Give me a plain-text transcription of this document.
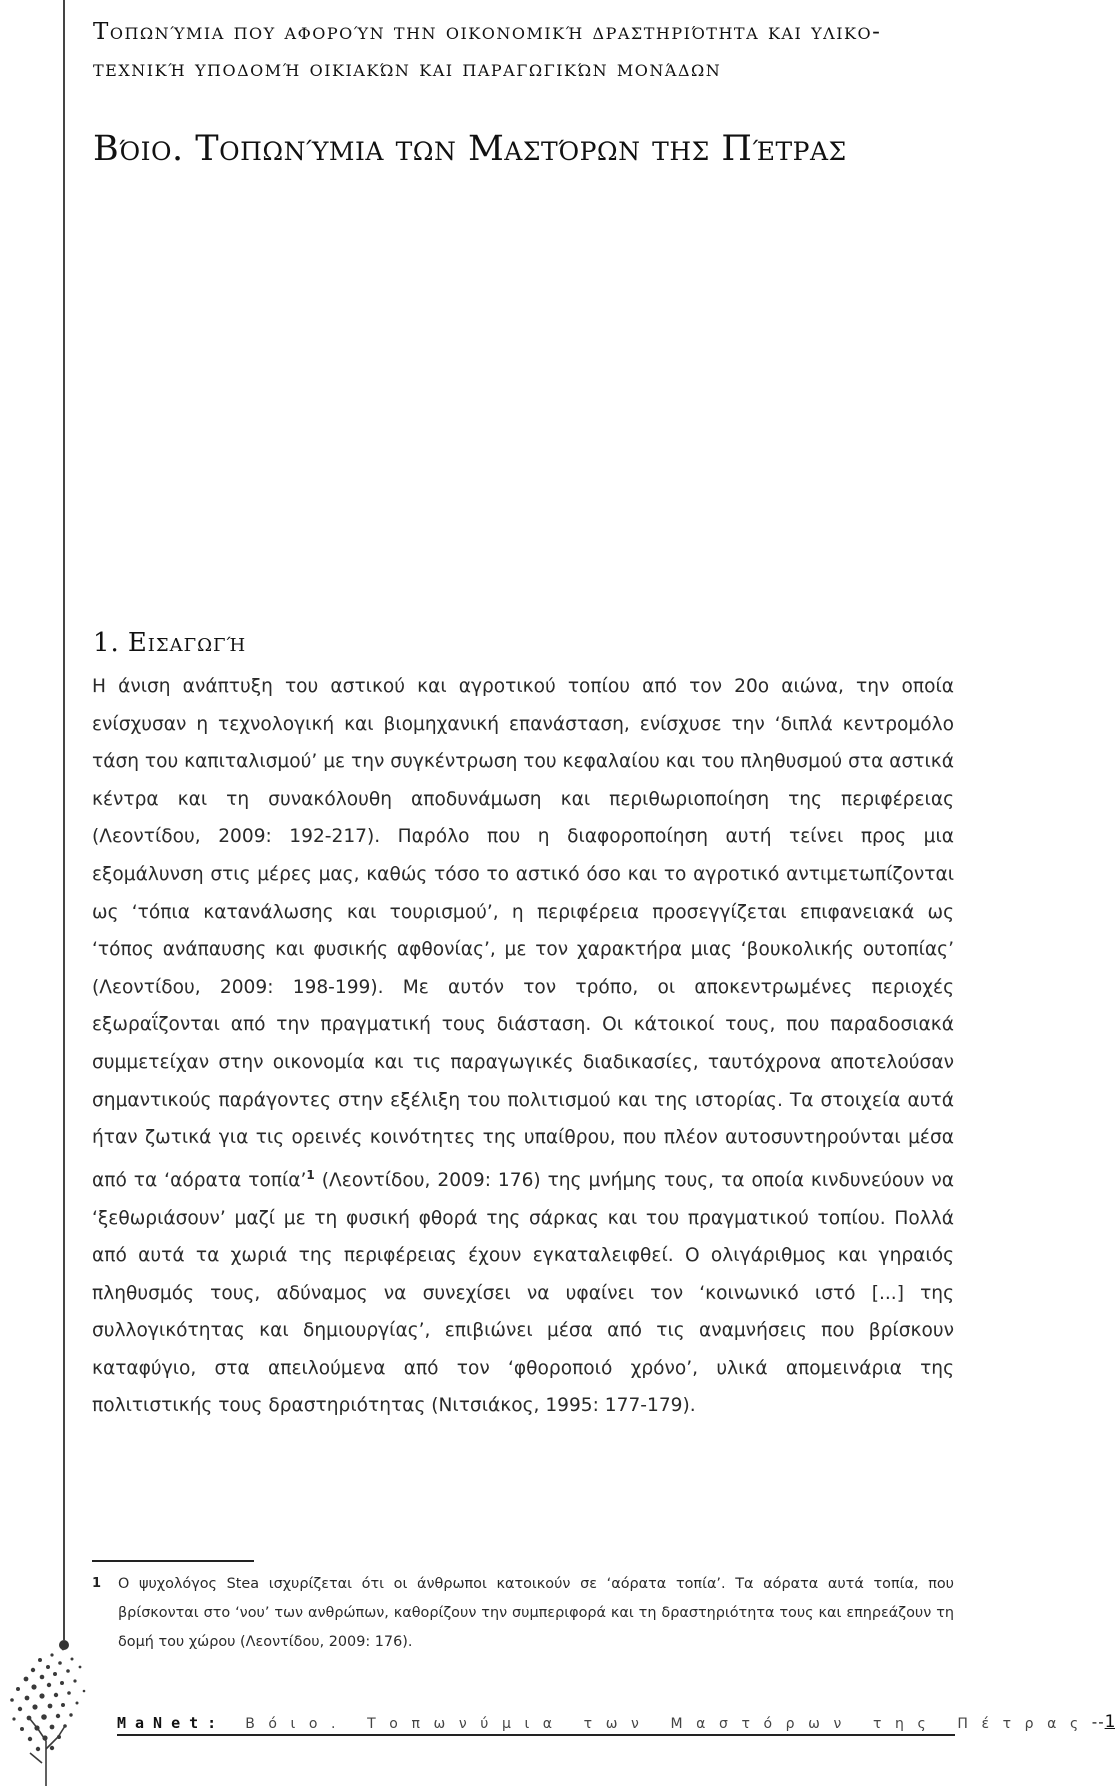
Τοπωνύμια που αφορούν την οικονομική δραστηριότητα και υλικο-τεχνική υποδομή οικιακών και παραγωγικών μονάδων

Βόιο. Τοπωνύμια των Μαστόρων της Πέτρας
1. Εισαγωγή

Η άνιση ανάπτυξη του αστικού και αγροτικού τοπίου από τον 20ο αιώνα, την οποία ενίσχυσαν η τεχνολογική και βιομηχανική επανάσταση, ενίσχυσε την ‘διπλά κεντρομόλο τάση του καπιταλισμού’ με την συγκέντρωση του κεφαλαίου και του πληθυσμού στα αστικά κέντρα και τη συνακόλουθη αποδυνάμωση και περιθωριοποίηση της περιφέρειας (Λεοντίδου, 2009: 192-217). Παρόλο που η διαφοροποίηση αυτή τείνει προς μια εξομάλυνση στις μέρες μας, καθώς τόσο το αστικό όσο και το αγροτικό αντιμετωπίζονται ως ‘τόπια κατανάλωσης και τουρισμού’, η περιφέρεια προσεγγίζεται επιφανειακά ως ‘τόπος ανάπαυσης και φυσικής αφθονίας’, με τον χαρακτήρα μιας ‘βουκολικής ουτοπίας’ (Λεοντίδου, 2009: 198-199). Με αυτόν τον τρόπο, οι αποκεντρωμένες περιοχές εξωραΐζονται από την πραγματική τους διάσταση. Οι κάτοικοί τους, που παραδοσιακά συμμετείχαν στην οικονομία και τις παραγωγικές διαδικασίες, ταυτόχρονα αποτελούσαν σημαντικούς παράγοντες στην εξέλιξη του πολιτισμού και της ιστορίας. Τα στοιχεία αυτά ήταν ζωτικά για τις ορεινές κοινότητες της υπαίθρου, που πλέον αυτοσυντηρούνται μέσα από τα ‘αόρατα τοπία’$^1$ (Λεοντίδου, 2009: 176) της μνήμης τους, τα οποία κινδυνεύουν να ‘ξεθωριάσουν’ μαζί με τη φυσική φθορά της σάρκας και του πραγματικού τοπίου. Πολλά από αυτά τα χωριά της περιφέρειας έχουν εγκαταλειφθεί. Ο ολιγάριθμος και γηραιός πληθυσμός τους, αδύναμος να συνεχίσει να υφαίνει τον ‘κοινωνικό ιστό [...] της συλλογικότητας και δημιουργίας’, επιβιώνει μέσα από τις αναμνήσεις που βρίσκουν καταφύγιο, στα απειλούμενα από τον ‘φθοροποιό χρόνο’, υλικά απομεινάρια της πολιτιστικής τους δραστηριότητας (Νιτσιάκος, 1995: 177-179).

1	Ο ψυχολόγος Stea ισχυρίζεται ότι οι άνθρωποι κατοικούν σε ‘αόρατα τοπία’. Τα αόρατα αυτά τοπία, που βρίσκονται στο ‘νου’ των ανθρώπων, καθορίζουν την συμπεριφορά και τη δραστηριότητα τους και επηρεάζουν τη δομή του χώρου (Λεοντίδου, 2009: 176).

MaNet: Βόιο. Τοπωνύμια των Μαστόρων της Πέτρας --1
